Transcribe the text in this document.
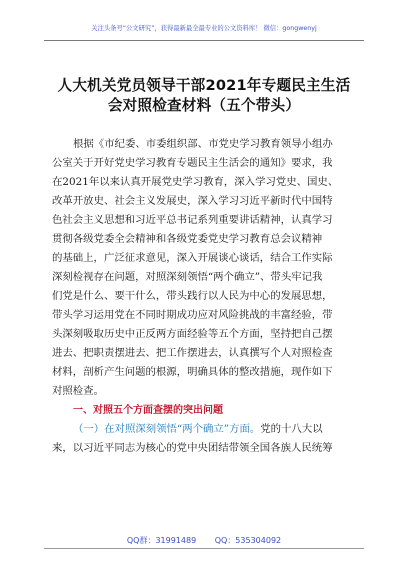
关注头条号“公文研究”，获得最新最全最专业的公文资料库！ 微信：gongwenyj
人大机关党员领导干部2021年专题民主生活
会对照检查材料（五个带头）
根据《市纪委、市委组织部、市党史学习教育领导小组办
公室关于开好党史学习教育专题民主生活会的通知》要求，我
在2021年以来认真开展党史学习教育，深入学习党史、国史、
改革开放史、社会主义发展史，深入学习习近平新时代中国特
色社会主义思想和习近平总书记系列重要讲话精神，认真学习
贯彻各级党委全会精神和各级党委党史学习教育总会议精神
的基础上，广泛征求意见，深入开展谈心谈话，结合工作实际
深刻检视存在问题，对照深刻领悟“两个确立”、带头牢记我
们党是什么、要干什么，带头践行以人民为中心的发展思想，
带头学习运用党在不同时期成功应对风险挑战的丰富经验，带
头深刻吸取历史中正反两方面经验等五个方面，坚持把自己摆
进去、把职责摆进去、把工作摆进去，认真撰写个人对照检查
材料，剖析产生问题的根源，明确具体的整改措施，现作如下
对照检查。
一、对照五个方面查摆的突出问题
（一）在对照深刻领悟“两个确立”方面。党的十八大以
来，以习近平同志为核心的党中央团结带领全国各族人民统筹
QQ群：31991489 QQ：535304092
